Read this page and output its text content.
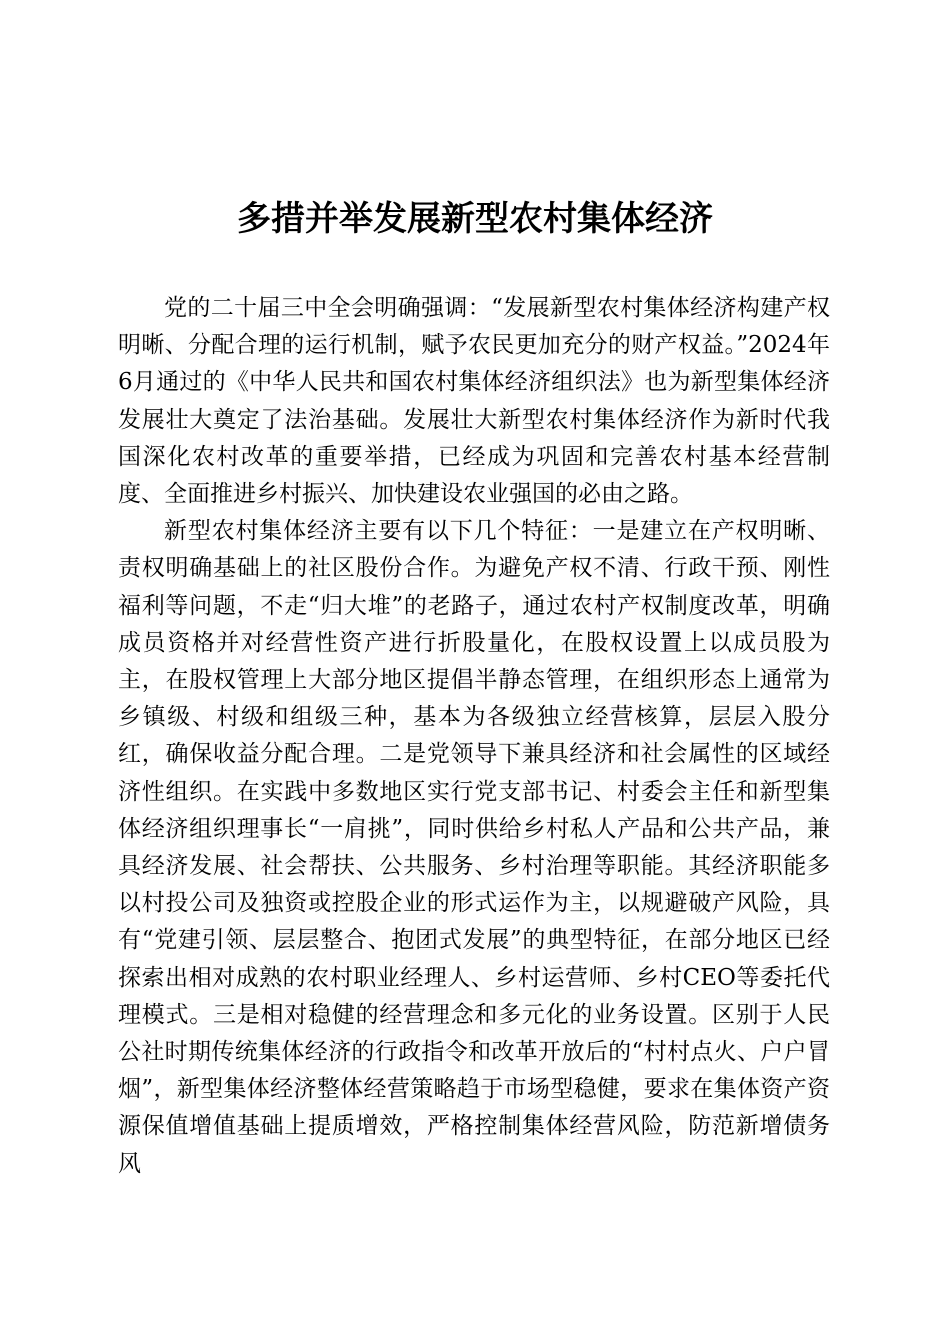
多措并举发展新型农村集体经济

党的二十届三中全会明确强调：“发展新型农村集体经济构建产权明晰、分配合理的运行机制，赋予农民更加充分的财产权益。”2024年6月通过的《中华人民共和国农村集体经济组织法》也为新型集体经济发展壮大奠定了法治基础。发展壮大新型农村集体经济作为新时代我国深化农村改革的重要举措，已经成为巩固和完善农村基本经营制度、全面推进乡村振兴、加快建设农业强国的必由之路。

新型农村集体经济主要有以下几个特征：一是建立在产权明晰、责权明确基础上的社区股份合作。为避免产权不清、行政干预、刚性福利等问题，不走“归大堆”的老路子，通过农村产权制度改革，明确成员资格并对经营性资产进行折股量化，在股权设置上以成员股为主，在股权管理上大部分地区提倡半静态管理，在组织形态上通常为乡镇级、村级和组级三种，基本为各级独立经营核算，层层入股分红，确保收益分配合理。二是党领导下兼具经济和社会属性的区域经济性组织。在实践中多数地区实行党支部书记、村委会主任和新型集体经济组织理事长“一肩挑”，同时供给乡村私人产品和公共产品，兼具经济发展、社会帮扶、公共服务、乡村治理等职能。其经济职能多以村投公司及独资或控股企业的形式运作为主，以规避破产风险，具有“党建引领、层层整合、抱团式发展”的典型特征，在部分地区已经探索出相对成熟的农村职业经理人、乡村运营师、乡村CEO等委托代理模式。三是相对稳健的经营理念和多元化的业务设置。区别于人民公社时期传统集体经济的行政指令和改革开放后的“村村点火、户户冒烟”，新型集体经济整体经营策略趋于市场型稳健，要求在集体资产资源保值增值基础上提质增效，严格控制集体经营风险，防范新增债务风
